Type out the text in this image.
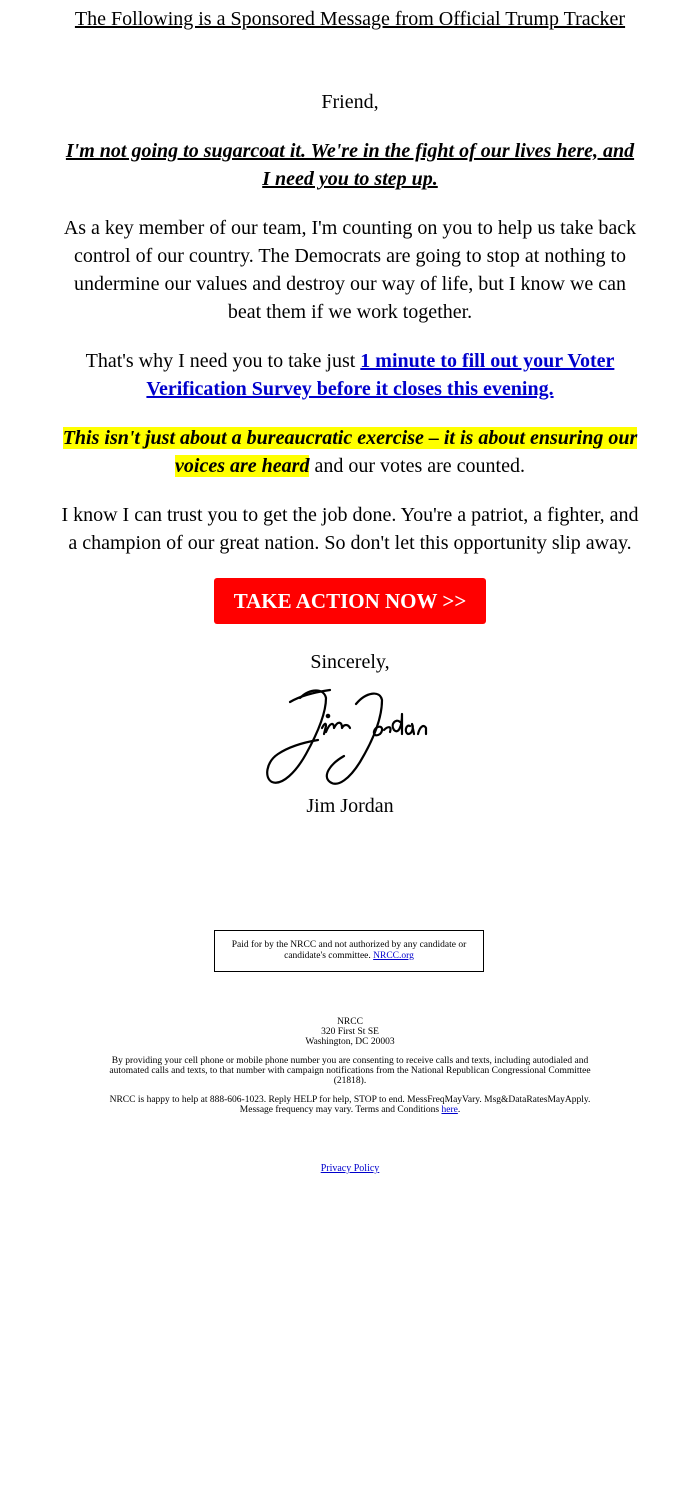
The Following is a Sponsored Message from Official Trump Tracker
Friend,
I'm not going to sugarcoat it. We're in the fight of our lives here, and I need you to step up.
As a key member of our team, I'm counting on you to help us take back control of our country. The Democrats are going to stop at nothing to undermine our values and destroy our way of life, but I know we can beat them if we work together.
That's why I need you to take just 1 minute to fill out your Voter Verification Survey before it closes this evening.
This isn't just about a bureaucratic exercise – it is about ensuring our voices are heard and our votes are counted.
I know I can trust you to get the job done. You're a patriot, a fighter, and a champion of our great nation. So don't let this opportunity slip away.
TAKE ACTION NOW >>
Sincerely,
Jim Jordan
Paid for by the NRCC and not authorized by any candidate or candidate's committee. NRCC.org
NRCC
320 First St SE
Washington, DC 20003
By providing your cell phone or mobile phone number you are consenting to receive calls and texts, including autodialed and automated calls and texts, to that number with campaign notifications from the National Republican Congressional Committee (21818).
NRCC is happy to help at 888-606-1023. Reply HELP for help, STOP to end. MessFreqMayVary. Msg&DataRatesMayApply. Message frequency may vary. Terms and Conditions here.
Privacy Policy
